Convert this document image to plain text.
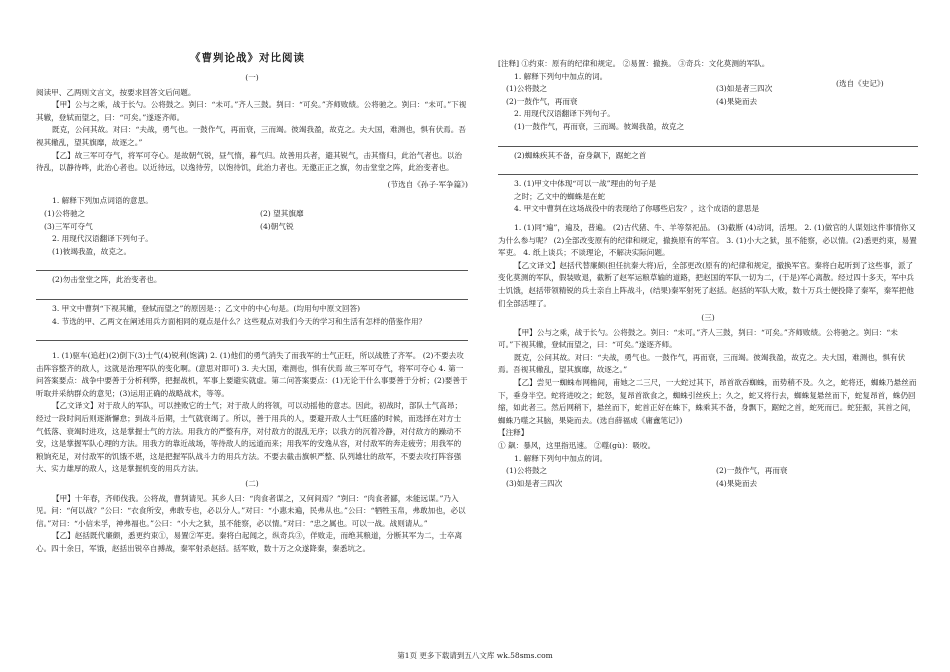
《曹刿论战》对比阅读
(选自《史记》)
(一)

阅读甲、乙两则文言文，按要求回答文后问题。

【甲】公与之乘，战于长勺。公将鼓之。刿曰：“未可。”齐人三鼓。刿曰：“可矣。”齐师败绩。公将驰之。刿曰：“未可。”下视其辙，登轼而望之，曰：“可矣。”遂逐齐师。

既克，公问其故。对曰：“夫战，勇气也。一鼓作气，再而衰，三而竭。彼竭我盈，故克之。夫大国，难测也，惧有伏焉。吾视其辙乱，望其旗靡，故逐之。”

【乙】故三军可夺气，将军可夺心。是故朝气锐，昼气惰，暮气归。故善用兵者，避其锐气，击其惰归，此治气者也。以治待乱，以静待哗，此治心者也。以近待远，以逸待劳，以饱待饥，此治力者也。无邀正正之旗，勿击堂堂之阵，此治变者也。

(节选自《孙子·军争篇》)

1. 解释下列加点词语的意思。

(1)公将驰之	(2) 望其旗靡
(3)三军可夺气	(4)朝气锐

2. 用现代汉语翻译下列句子。

(1)彼竭我盈，故克之。

(2)勿击堂堂之阵，此治变者也。

3. 甲文中曹刿“下视其辙，登轼而望之”的原因是：；乙文中的中心句是。(均用句中原文回答)

4. 节选的甲、乙两文在阐述用兵方面相同的观点是什么？这些观点对我们今天的学习和生活有怎样的借鉴作用？

1. (1)驱车(追赶)(2)倒下(3)士气(4)锐利(饱满) 2. (1)他们的勇气消失了而我军的士气正旺，所以战胜了齐军。 (2)不要去攻击阵容整齐的敌人，这就是治理军队的变化啊。(意思对即可) 3. 夫大国，难测也，惧有伏焉 故三军可夺气，将军可夺心 4. 第一问答案要点：战争中要善于分析利弊，把握战机，军事上要避实就虚。第二问答案要点：(1)无论干什么事要善于分析；(2)要善于听取并采纳群众的意见；(3)运用正确的战略战术，等等。

【乙文译文】对于敌人的军队，可以挫败它的士气；对于敌人的将领，可以动摇他的意志。因此，初战时，部队士气高昂；经过一段时间后则逐渐懈怠；到战斗后期，士气就衰竭了。所以，善于用兵的人，要避开敌人士气旺盛的时候，而选择在对方士气低落、衰竭时进攻，这是掌握士气的方法。用我方的严整有序，对付敌方的混乱无序；以我方的沉着冷静，对付敌方的躁动不安，这是掌握军队心理的方法。用我方的靠近战场，等待敌人的远道而来；用我军的安逸从容，对付敌军的奔走疲劳；用我军的粮饷充足，对付敌军的饥饿不堪，这是把握军队战斗力的用兵方法。不要去截击旗帜严整、队列雄壮的敌军，不要去攻打阵容强大、实力雄厚的敌人，这是掌握机变的用兵方法。

(二)

【甲】十年春，齐师伐我。公将战，曹刿请见。其乡人曰：“肉食者谋之，又何间焉？”刿曰：“肉食者鄙，未能远谋。”乃入见。问：“何以战？”公曰：“衣食所安，弗敢专也，必以分人。”对曰：“小惠未遍，民弗从也。”公曰：“牺牲玉帛，弗敢加也，必以信。”对曰：“小信未孚，神弗福也。”公曰：“小大之狱，虽不能察，必以情。”对曰：“忠之属也。可以一战。战则请从。”

【乙】赵括既代廉颇，悉更约束①，易置②军吏。秦将白起闻之，纵奇兵③，佯败走，而绝其粮道，分断其军为二，士卒离心。四十余日，军饿，赵括出锐卒自搏战，秦军射杀赵括。括军败，数十万之众遂降秦，秦悉坑之。

[注释] ①约束：原有的纪律和规定。 ②易置：撤换。 ③奇兵：文化莫测的军队。

1. 解释下列句中加点的词。

(1)公将鼓之	(3)如是者三四次
(2)一鼓作气，再而衰	(4)果毙而去

2. 用现代汉语翻译下列句子。

(1)一鼓作气，再而衰，三而竭。彼竭我盈，故克之

(2)蜘蛛疾其不备，奋身飙下，踞蛇之首

3. (1)甲文中体现“可以一战”理由的句子是

之时；乙文中的蜘蛛是在蛇

4. 甲文中曹刿在这场战役中的表现给了你哪些启发？，这个成语的意思是

1. (1)同“遍”，遍及，普遍。 (2)古代猪、牛、羊等祭祀品。 (3)截断 (4)动词，活埋。 2. (1)做官的人谋划这件事情你又为什么参与呢？ (2)全部改变原有的纪律和规定，撤换原有的军官。 3. (1)小大之狱，虽不能察，必以情。(2)悉更约束，易置军吏。 4. 纸上谈兵；不谈理论，不解决实际问题。

【乙文译文】赵括代替廉颇(担任抗秦大将)后，全部更改(原有的)纪律和规定，撤换军官。秦将白起听到了这些事，派了变化莫测的军队，假装败退，截断了赵军运粮草输的道路，把赵国的军队一切为二，(于是)军心离散。经过四十多天，军中兵士饥饿，赵括带领精锐的兵士亲自上阵战斗，(结果)秦军射死了赵括。赵括的军队大败，数十万兵士便投降了秦军，秦军把他们全部活埋了。

(三)

【甲】公与之乘，战于长勺。公将鼓之。刿曰：“未可。”齐人三鼓，刿曰：“可矣。”齐师败绩。公将驰之。刿曰：“未可。”下视其辙，登轼而望之，曰：“可矣。”遂逐齐师。

既克，公问其故。对曰：“夫战，勇气也。一鼓作气，再而衰，三而竭。彼竭我盈，故克之。夫大国，难测也，惧有伏焉。吾视其辙乱，望其旗靡，故逐之。”

【乙】尝见一蜘蛛布网檐间，甫她之二三尺，一大蛇过其下，昂首欲吞蜘蛛，而势稍不及。久之，蛇将还，蜘蛛乃悬丝而下，垂身半空。蛇将进咬之；蛇怒，复昂首欲食之，蜘蛛引丝疾上；久之，蛇又将行去，蜘蛛复悬丝而下，蛇复昂首，蛛仍回缩，如此者三。然后网稍下，悬丝而下，蛇首正好在蛛下，蛛乘其不备，身飘下，踞蛇之首，蛇死而已。蛇狂振，其首之间，蜘蛛乃噬之其脑，果毙而去。(选自薛福成《庸盦笔记》)

【注释】

① 飙：暴风，这里指迅速。 ②噬(gù)：吸咬。

1. 解释下列句中加点的词。

(1)公将鼓之	(2)一鼓作气，再而衰
(3)如是者三四次	(4)果毙而去
第1页 更多下载请到五八文库 wk.58sms.com
